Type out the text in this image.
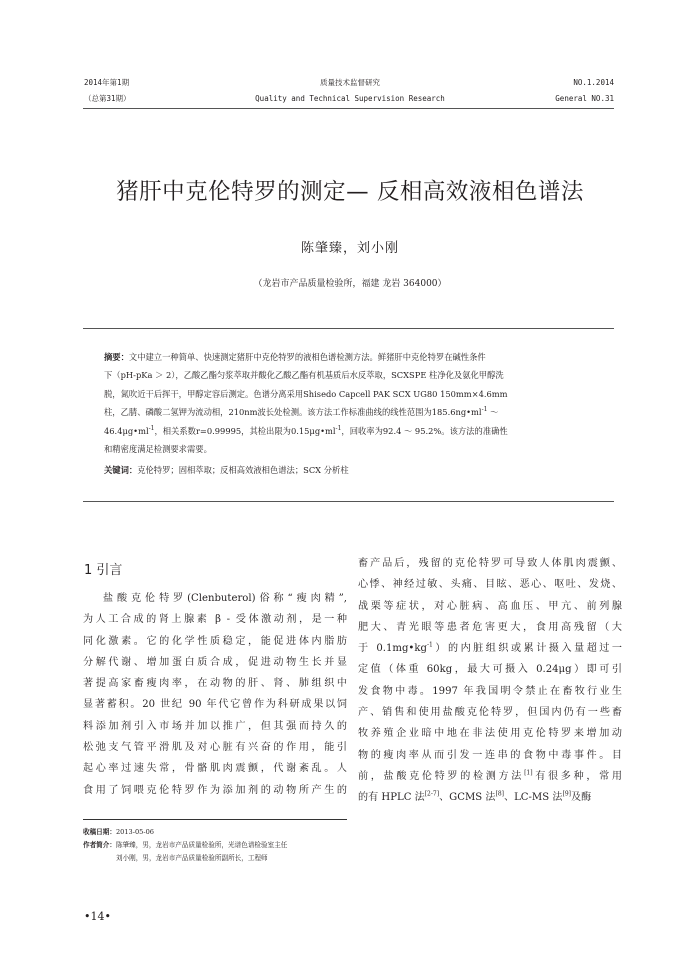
2014年第1期
（总第31期）
质量技术监督研究
Quality and Technical Supervision Research
NO.1.2014
General NO.31
猪肝中克伦特罗的测定— 反相高效液相色谱法
陈肇臻，刘小刚
（龙岩市产品质量检验所，福建 龙岩 364000）
摘要：文中建立一种简单、快速测定猪肝中克伦特罗的液相色谱检测方法。鲜猪肝中克伦特罗在碱性条件
下（pH-pKa ＞ 2），乙酸乙酯匀浆萃取并酸化乙酸乙酯有机基质后水反萃取，SCXSPE 柱净化及氨化甲醇洗
脱，氮吹近干后挥干，甲醇定容后测定。色谱分离采用Shisedo Capcell PAK SCX UG80 150mm×4.6mm
柱，乙腈、磷酸二氢钾为流动相，210nm波长处检测。该方法工作标准曲线的线性范围为$185.6ng•ml^{-1}$ ～
$46.4\mu g•ml^{-1}$，相关系数r=0.99995，其检出限为$0.15\mu g•ml^{-1}$，回收率为92.4 ～ 95.2%。该方法的准确性
和精密度满足检测要求需要。
关键词：克伦特罗；固相萃取；反相高效液相色谱法；SCX 分析柱
1 引言
盐酸克伦特罗(Clenbuterol)俗称“瘦肉精”,
为人工合成的肾上腺素 β - 受体激动剂，是一种
同化激素。它的化学性质稳定，能促进体内脂肪
分解代谢、增加蛋白质合成，促进动物生长并显
著提高家畜瘦肉率，在动物的肝、肾、肺组织中
显著蓄积。20 世纪 90 年代它曾作为科研成果以饲
料添加剂引入市场并加以推广，但其强而持久的
松弛支气管平滑肌及对心脏有兴奋的作用，能引
起心率过速失常，骨骼肌肉震颤，代谢紊乱。人
食用了饲喂克伦特罗作为添加剂的动物所产生的
畜产品后，残留的克伦特罗可导致人体肌肉震颤、
心悸、神经过敏、头痛、目眩、恶心、呕吐、发烧、
战栗等症状，对心脏病、高血压、甲亢、前列腺
肥大、青光眼等患者危害更大，食用高残留（大
于 $0.1mg•kg^{-1}$）的内脏组织或累计摄入量超过一
定值（体重 60kg，最大可摄入 0.24μg）即可引
发食物中毒。1997 年我国明令禁止在畜牧行业生
产、销售和使用盐酸克伦特罗，但国内仍有一些畜
牧养殖企业暗中地在非法使用克伦特罗来增加动
物的瘦肉率从而引发一连串的食物中毒事件。目
前，盐酸克伦特罗的检测方法[1]有很多种，常用
的有 HPLC 法[2-7]、GCMS 法[8]、LC-MS 法[9]及酶
收稿日期：2013-05-06
作者简介：陈肇臻，男，龙岩市产品质量检验所，光谱色谱检验室主任
刘小刚，男，龙岩市产品质量检验所副所长，工程师
•14•
